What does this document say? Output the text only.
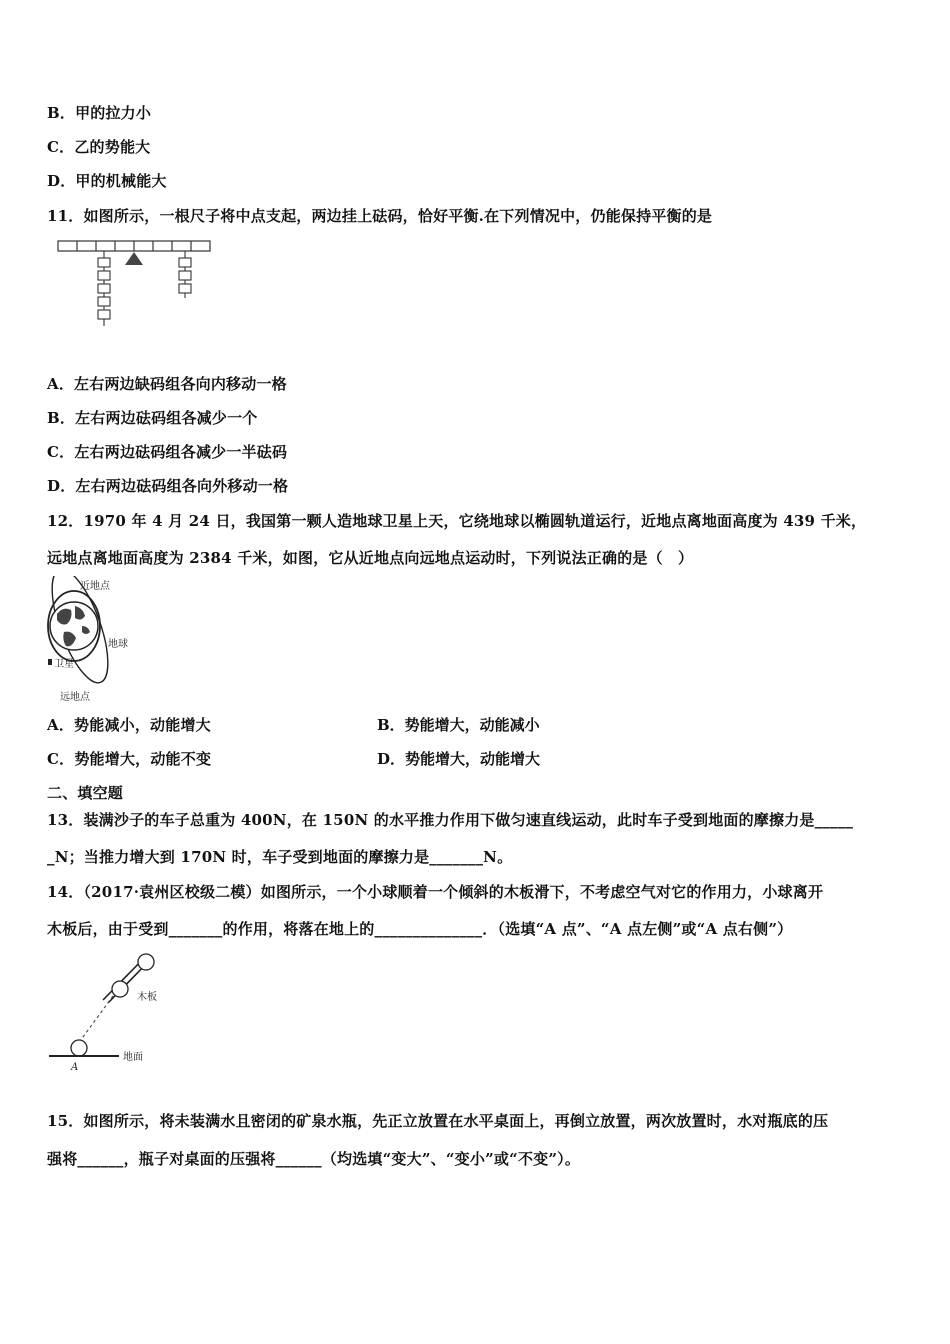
B．甲的拉力小
C．乙的势能大
D．甲的机械能大
11．如图所示，一根尺子将中点支起，两边挂上砝码，恰好平衡.在下列情况中，仍能保持平衡的是
A．左右两边缺码组各向内移动一格
B．左右两边砝码组各减少一个
C．左右两边砝码组各减少一半砝码
D．左右两边砝码组各向外移动一格
12．1970 年 4 月 24 日，我国第一颗人造地球卫星上天，它绕地球以椭圆轨道运行，近地点离地面高度为 439 千米，
远地点离地面高度为 2384 千米，如图，它从近地点向远地点运动时，下列说法正确的是（　）
近地点
地球
卫星
远地点
A．势能减小，动能增大	B．势能增大，动能减小
C．势能增大，动能不变	D．势能增大，动能增大
二、填空题
13．装满沙子的车子总重为 400N，在 150N 的水平推力作用下做匀速直线运动，此时车子受到地面的摩擦力是_____
_N；当推力增大到 170N 时，车子受到地面的摩擦力是_______N。
14．（2017·袁州区校级二模）如图所示，一个小球顺着一个倾斜的木板滑下，不考虑空气对它的作用力，小球离开
木板后，由于受到_______的作用，将落在地上的______________．（选填“A 点”、“A 点左侧”或“A 点右侧”）
木板
地面
A
15．如图所示，将未装满水且密闭的矿泉水瓶，先正立放置在水平桌面上，再倒立放置，两次放置时，水对瓶底的压
强将______，瓶子对桌面的压强将______（均选填“变大”、“变小”或“不变”）。
